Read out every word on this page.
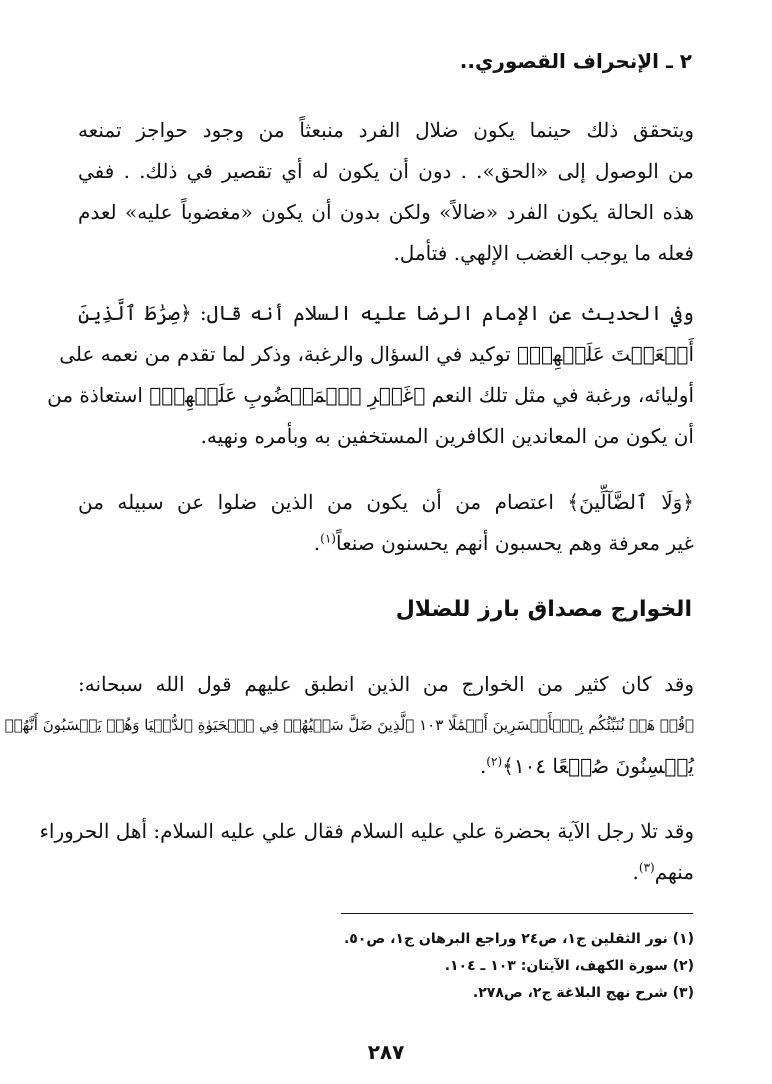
٢ ـ الإنحراف القصوري..
ويتحقق ذلك حينما يكون ضلال الفرد منبعثاً من وجود حواجز تمنعه
من الوصول إلى «الحق». . دون أن يكون له أي تقصير في ذلك. . ففي
هذه الحالة يكون الفرد «ضالاً» ولكن بدون أن يكون «مغضوباً عليه» لعدم
فعله ما يوجب الغضب الإلهي. فتأمل.
وفي الحديث عن الإمام الرضا عليه السلام أنه قال: ﴿صِرَٰطَ ٱلَّذِينَ
أَنۡعَمۡتَ عَلَيۡهِمۡ﴾ توكيد في السؤال والرغبة، وذكر لما تقدم من نعمه على
أوليائه، ورغبة في مثل تلك النعم ﴿غَيۡرِ ٱلۡمَغۡضُوبِ عَلَيۡهِمۡ﴾ استعاذة من
أن يكون من المعاندين الكافرين المستخفين به وبأمره ونهيه.
﴿وَلَا ٱلضَّآلِّينَ﴾ اعتصام من أن يكون من الذين ضلوا عن سبيله من
غير معرفة وهم يحسبون أنهم يحسنون صنعاً$^{(١)}$.
الخوارج مصداق بارز للضلال
وقد كان كثير من الخوارج من الذين انطبق عليهم قول الله سبحانه:
﴿قُلۡ هَلۡ نُنَبِّئُكُم بِٱلۡأَخۡسَرِينَ أَعۡمَٰلًا ١٠٣ ٱلَّذِينَ ضَلَّ سَعۡيُهُمۡ فِي ٱلۡحَيَوٰةِ ٱلدُّنۡيَا وَهُمۡ يَحۡسَبُونَ أَنَّهُمۡ
يُحۡسِنُونَ صُنۡعًا ١٠٤﴾$^{(٢)}$.
وقد تلا رجل الآية بحضرة علي عليه السلام فقال علي عليه السلام: أهل الحروراء
منهم$^{(٣)}$.
(١) نور الثقلين ج١، ص٢٤ وراجع البرهان ج١، ص٥٠.
(٢) سورة الكهف، الآيتان: ١٠٣ ـ ١٠٤.
(٣) شرح نهج البلاغة ج٢، ص٢٧٨.
٢٨٧
